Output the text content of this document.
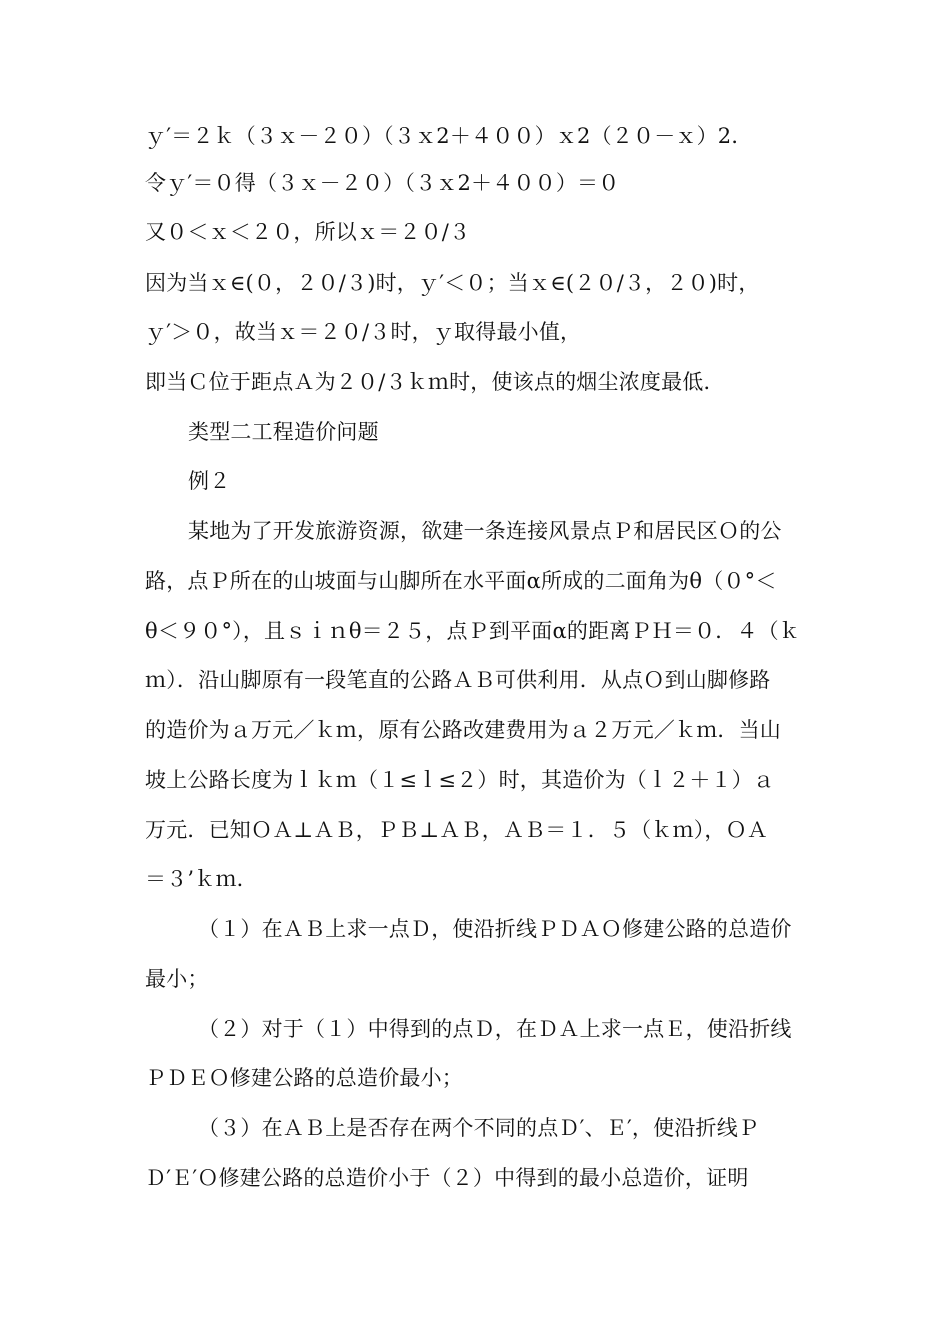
ｙ′＝２ｋ（３ｘ－２０）（３ｘ2＋４００）ｘ2（２０－ｘ）2．
令ｙ′＝０得（３ｘ－２０）（３ｘ2＋４００）＝０
又０＜ｘ＜２０，所以ｘ＝２０/３
因为当ｘ∈(０，２０/３)时，ｙ′＜０；当ｘ∈(２０/３，２０)时，
ｙ′＞０，故当ｘ＝２０/３时，ｙ取得最小值，
即当Ｃ位于距点Ａ为２０/３ｋｍ时，使该点的烟尘浓度最低．
类型二工程造价问题
例２
某地为了开发旅游资源，欲建一条连接风景点Ｐ和居民区Ｏ的公
路，点Ｐ所在的山坡面与山脚所在水平面α所成的二面角为θ（０°＜
θ＜９０°），且ｓｉｎθ＝２５，点Ｐ到平面α的距离ＰＨ＝０．４（ｋ
ｍ）．沿山脚原有一段笔直的公路ＡＢ可供利用．从点Ｏ到山脚修路
的造价为ａ万元／ｋｍ，原有公路改建费用为ａ２万元／ｋｍ．当山
坡上公路长度为ｌｋｍ（１≤ｌ≤２）时，其造价为（ｌ２＋１）ａ
万元．已知ＯＡ⊥ＡＢ，ＰＢ⊥ＡＢ，ＡＢ＝１．５（ｋｍ），ＯＡ
＝３’ｋｍ．
（１）在ＡＢ上求一点Ｄ，使沿折线ＰＤＡＯ修建公路的总造价
最小；
（２）对于（１）中得到的点Ｄ，在ＤＡ上求一点Ｅ，使沿折线
ＰＤＥＯ修建公路的总造价最小；
（３）在ＡＢ上是否存在两个不同的点Ｄ′、Ｅ′，使沿折线Ｐ
Ｄ′Ｅ′Ｏ修建公路的总造价小于（２）中得到的最小总造价，证明
